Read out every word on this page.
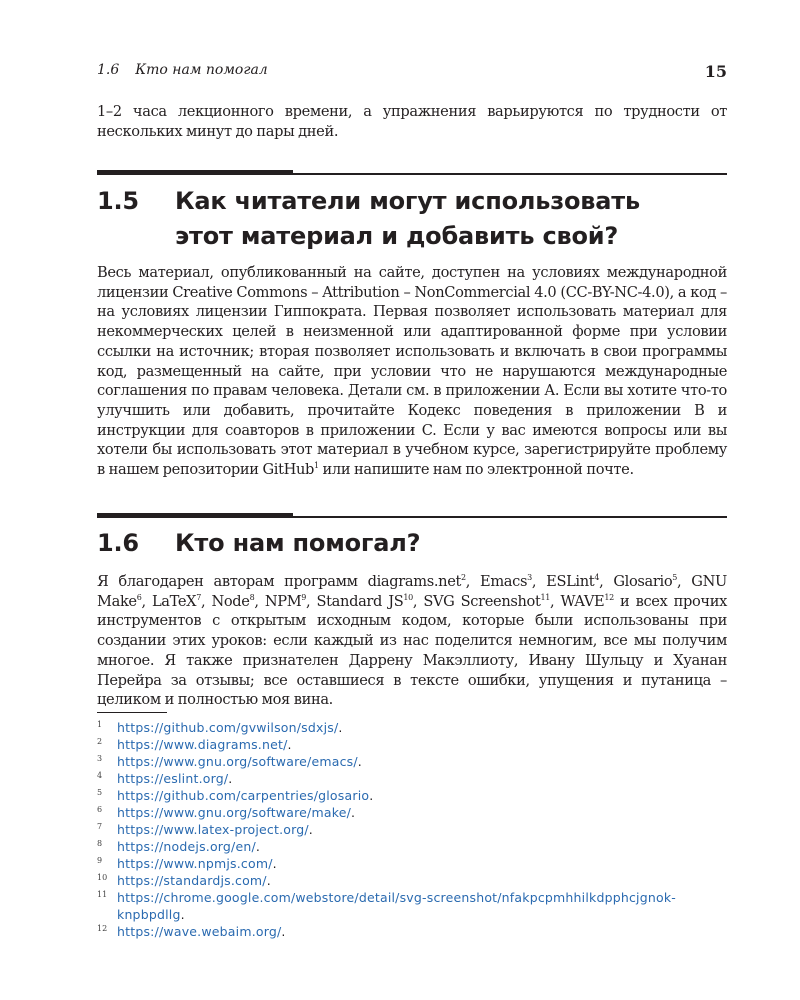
1.6 Кто нам помогал	15

1–2 часа лекционного времени, а упражнения варьируются по трудности от нескольких минут до пары дней.

1.5	Как читатели могут использовать
этот материал и добавить свой?

Весь материал, опубликованный на сайте, доступен на условиях международной лицензии Creative Commons – Attribution – NonCommercial 4.0 (CC-BY-NC-4.0), а код – на условиях лицензии Гиппократа. Первая позволяет использовать материал для некоммерческих целей в неизменной или адаптированной форме при условии ссылки на источник; вторая позволяет использовать и включать в свои программы код, размещенный на сайте, при условии что не нарушаются международные соглашения по правам человека. Детали см. в приложении А. Если вы хотите что-то улучшить или добавить, прочитайте Кодекс поведения в приложении B и инструкции для соавторов в приложении C. Если у вас имеются вопросы или вы хотели бы использовать этот материал в учебном курсе, зарегистрируйте проблему в нашем репозитории GitHub$^1$ или напишите нам по электронной почте.

1.6	Кто нам помогал?

Я благодарен авторам программ diagrams.net$^2$, Emacs$^3$, ESLint$^4$, Glosario$^5$, GNU Make$^6$, LaTeX$^7$, Node$^8$, NPM$^9$, Standard JS$^{10}$, SVG Screenshot$^{11}$, WAVE$^{12}$ и всех прочих инструментов с открытым исходным кодом, которые были использованы при создании этих уроков: если каждый из нас поделится немногим, все мы получим многое. Я также признателен Даррену Макэллиоту, Ивану Шульцу и Хуанан Перейра за отзывы; все оставшиеся в тексте ошибки, упущения и путаница – целиком и полностью моя вина.

1	https://github.com/gvwilson/sdxjs/.
2	https://www.diagrams.net/.
3	https://www.gnu.org/software/emacs/.
4	https://eslint.org/.
5	https://github.com/carpentries/glosario.
6	https://www.gnu.org/software/make/.
7	https://www.latex-project.org/.
8	https://nodejs.org/en/.
9	https://www.npmjs.com/.
10 https://standardjs.com/.
11 https://chrome.google.com/webstore/detail/svg-screenshot/nfakpcpmhhilkdpphcjgnok-knpbpdllg.
12 https://wave.webaim.org/.
